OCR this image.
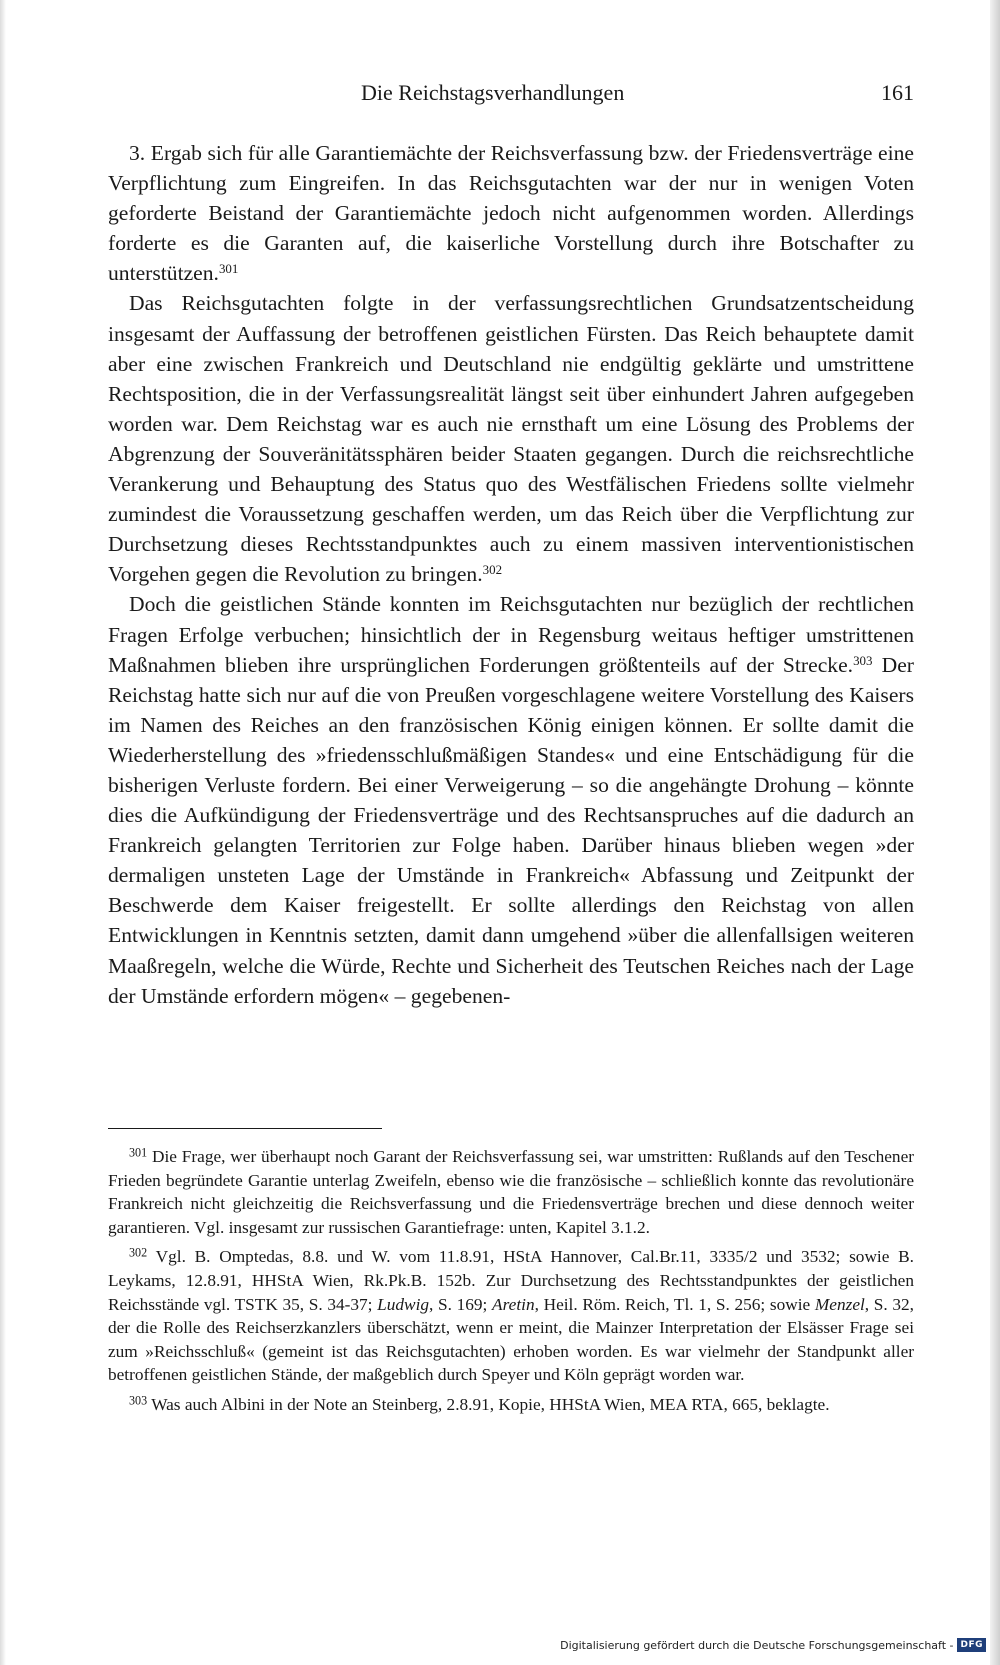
Die Reichstagsverhandlungen	161

3. Ergab sich für alle Garantiemächte der Reichsverfassung bzw. der Friedensverträge eine Verpflichtung zum Eingreifen. In das Reichsgutachten war der nur in wenigen Voten geforderte Beistand der Garantiemächte jedoch nicht aufgenommen worden. Allerdings forderte es die Garanten auf, die kaiserliche Vorstellung durch ihre Botschafter zu unterstützen.$^{301}$

Das Reichsgutachten folgte in der verfassungsrechtlichen Grundsatzentscheidung insgesamt der Auffassung der betroffenen geistlichen Fürsten. Das Reich behauptete damit aber eine zwischen Frankreich und Deutschland nie endgültig geklärte und umstrittene Rechtsposition, die in der Verfassungsrealität längst seit über einhundert Jahren aufgegeben worden war. Dem Reichstag war es auch nie ernsthaft um eine Lösung des Problems der Abgrenzung der Souveränitätssphären beider Staaten gegangen. Durch die reichsrechtliche Verankerung und Behauptung des Status quo des Westfälischen Friedens sollte vielmehr zumindest die Voraussetzung geschaffen werden, um das Reich über die Verpflichtung zur Durchsetzung dieses Rechtsstandpunktes auch zu einem massiven interventionistischen Vorgehen gegen die Revolution zu bringen.$^{302}$

Doch die geistlichen Stände konnten im Reichsgutachten nur bezüglich der rechtlichen Fragen Erfolge verbuchen; hinsichtlich der in Regensburg weitaus heftiger umstrittenen Maßnahmen blieben ihre ursprünglichen Forderungen größtenteils auf der Strecke.$^{303}$ Der Reichstag hatte sich nur auf die von Preußen vorgeschlagene weitere Vorstellung des Kaisers im Namen des Reiches an den französischen König einigen können. Er sollte damit die Wiederherstellung des »friedensschlußmäßigen Standes« und eine Entschädigung für die bisherigen Verluste fordern. Bei einer Verweigerung – so die angehängte Drohung – könnte dies die Aufkündigung der Friedensverträge und des Rechtsanspruches auf die dadurch an Frankreich gelangten Territorien zur Folge haben. Darüber hinaus blieben wegen »der dermaligen unsteten Lage der Umstände in Frankreich« Abfassung und Zeitpunkt der Beschwerde dem Kaiser freigestellt. Er sollte allerdings den Reichstag von allen Entwicklungen in Kenntnis setzten, damit dann umgehend »über die allenfallsigen weiteren Maaßregeln, welche die Würde, Rechte und Sicherheit des Teutschen Reiches nach der Lage der Umstände erfordern mögen« – gegebenen-

$^{301}$ Die Frage, wer überhaupt noch Garant der Reichsverfassung sei, war umstritten: Rußlands auf den Teschener Frieden begründete Garantie unterlag Zweifeln, ebenso wie die französische – schließlich konnte das revolutionäre Frankreich nicht gleichzeitig die Reichsverfassung und die Friedensverträge brechen und diese dennoch weiter garantieren. Vgl. insgesamt zur russischen Garantiefrage: unten, Kapitel 3.1.2.

$^{302}$ Vgl. B. Omptedas, 8.8. und W. vom 11.8.91, HStA Hannover, Cal.Br.11, 3335/2 und 3532; sowie B. Leykams, 12.8.91, HHStA Wien, Rk.Pk.B. 152b. Zur Durchsetzung des Rechtsstandpunktes der geistlichen Reichsstände vgl. TSTK 35, S. 34-37; Ludwig, S. 169; Aretin, Heil. Röm. Reich, Tl. 1, S. 256; sowie Menzel, S. 32, der die Rolle des Reichserzkanzlers überschätzt, wenn er meint, die Mainzer Interpretation der Elsässer Frage sei zum »Reichsschluß« (gemeint ist das Reichsgutachten) erhoben worden. Es war vielmehr der Standpunkt aller betroffenen geistlichen Stände, der maßgeblich durch Speyer und Köln geprägt worden war.

$^{303}$ Was auch Albini in der Note an Steinberg, 2.8.91, Kopie, HHStA Wien, MEA RTA, 665, beklagte.

Digitalisierung gefördert durch die Deutsche Forschungsgemeinschaft - DFG
